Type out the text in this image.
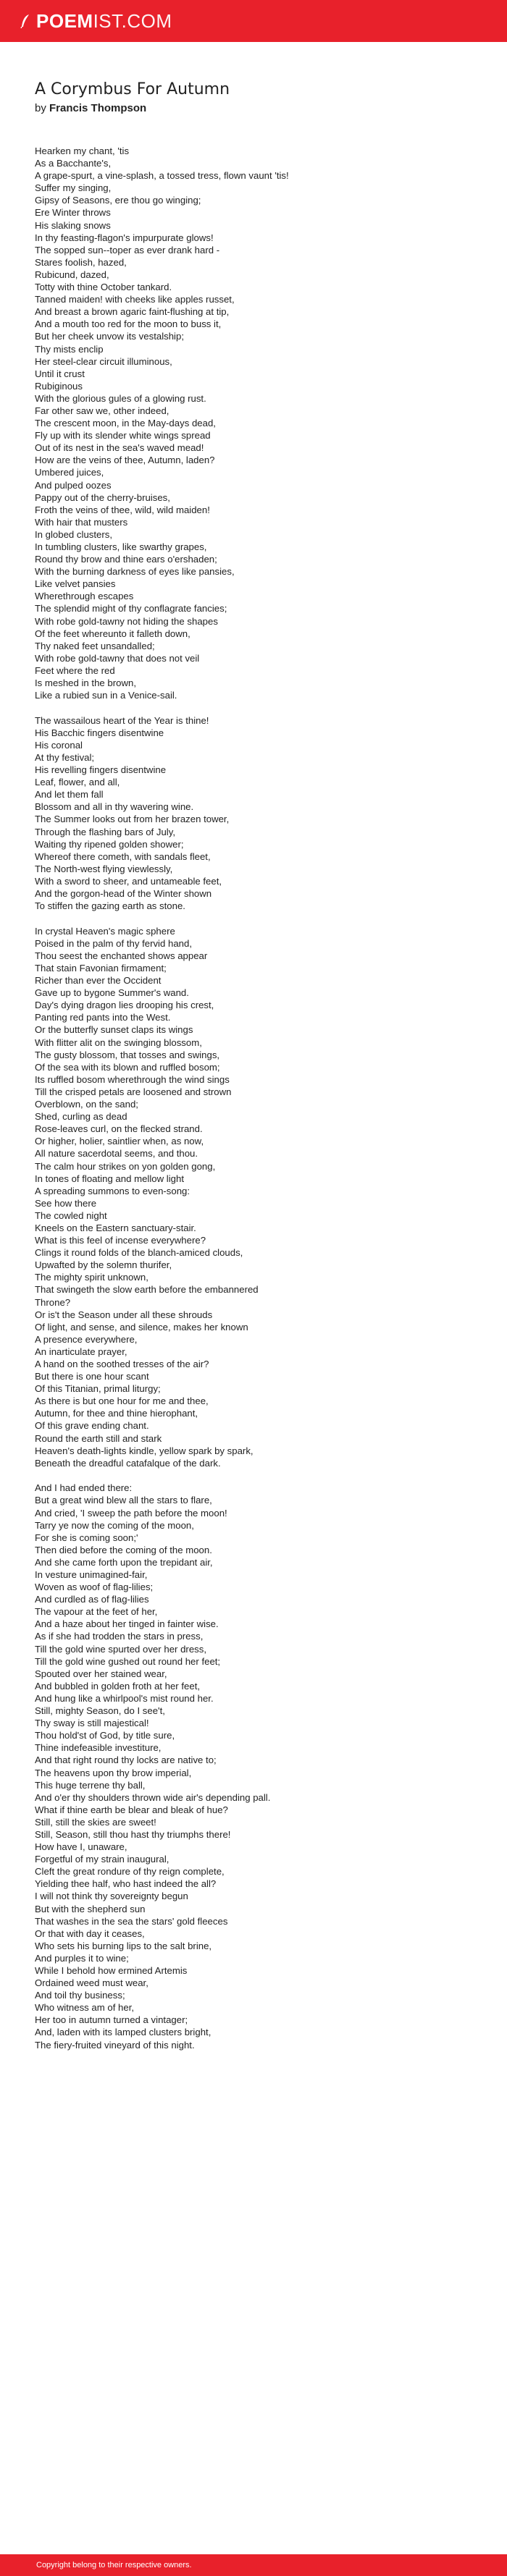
POEMIST.COM
A Corymbus For Autumn
by Francis Thompson
Hearken my chant, 'tis
As a Bacchante's,
A grape-spurt, a vine-splash, a tossed tress, flown vaunt 'tis!
Suffer my singing,
Gipsy of Seasons, ere thou go winging;
Ere Winter throws
His slaking snows
In thy feasting-flagon's impurpurate glows!
The sopped sun--toper as ever drank hard -
Stares foolish, hazed,
Rubicund, dazed,
Totty with thine October tankard.
Tanned maiden! with cheeks like apples russet,
And breast a brown agaric faint-flushing at tip,
And a mouth too red for the moon to buss it,
But her cheek unvow its vestalship;
Thy mists enclip
Her steel-clear circuit illuminous,
Until it crust
Rubiginous
With the glorious gules of a glowing rust.
Far other saw we, other indeed,
The crescent moon, in the May-days dead,
Fly up with its slender white wings spread
Out of its nest in the sea's waved mead!
How are the veins of thee, Autumn, laden?
Umbered juices,
And pulped oozes
Pappy out of the cherry-bruises,
Froth the veins of thee, wild, wild maiden!
With hair that musters
In globed clusters,
In tumbling clusters, like swarthy grapes,
Round thy brow and thine ears o'ershaden;
With the burning darkness of eyes like pansies,
Like velvet pansies
Wherethrough escapes
The splendid might of thy conflagrate fancies;
With robe gold-tawny not hiding the shapes
Of the feet whereunto it falleth down,
Thy naked feet unsandalled;
With robe gold-tawny that does not veil
Feet where the red
Is meshed in the brown,
Like a rubied sun in a Venice-sail.
The wassailous heart of the Year is thine!
His Bacchic fingers disentwine
His coronal
At thy festival;
His revelling fingers disentwine
Leaf, flower, and all,
And let them fall
Blossom and all in thy wavering wine.
The Summer looks out from her brazen tower,
Through the flashing bars of July,
Waiting thy ripened golden shower;
Whereof there cometh, with sandals fleet,
The North-west flying viewlessly,
With a sword to sheer, and untameable feet,
And the gorgon-head of the Winter shown
To stiffen the gazing earth as stone.
In crystal Heaven's magic sphere
Poised in the palm of thy fervid hand,
Thou seest the enchanted shows appear
That stain Favonian firmament;
Richer than ever the Occident
Gave up to bygone Summer's wand.
Day's dying dragon lies drooping his crest,
Panting red pants into the West.
Or the butterfly sunset claps its wings
With flitter alit on the swinging blossom,
The gusty blossom, that tosses and swings,
Of the sea with its blown and ruffled bosom;
Its ruffled bosom wherethrough the wind sings
Till the crisped petals are loosened and strown
Overblown, on the sand;
Shed, curling as dead
Rose-leaves curl, on the flecked strand.
Or higher, holier, saintlier when, as now,
All nature sacerdotal seems, and thou.
The calm hour strikes on yon golden gong,
In tones of floating and mellow light
A spreading summons to even-song:
See how there
The cowled night
Kneels on the Eastern sanctuary-stair.
What is this feel of incense everywhere?
Clings it round folds of the blanch-amiced clouds,
Upwafted by the solemn thurifer,
The mighty spirit unknown,
That swingeth the slow earth before the embannered
Throne?
Or is't the Season under all these shrouds
Of light, and sense, and silence, makes her known
A presence everywhere,
An inarticulate prayer,
A hand on the soothed tresses of the air?
But there is one hour scant
Of this Titanian, primal liturgy;
As there is but one hour for me and thee,
Autumn, for thee and thine hierophant,
Of this grave ending chant.
Round the earth still and stark
Heaven's death-lights kindle, yellow spark by spark,
Beneath the dreadful catafalque of the dark.
And I had ended there:
But a great wind blew all the stars to flare,
And cried, 'I sweep the path before the moon!
Tarry ye now the coming of the moon,
For she is coming soon;'
Then died before the coming of the moon.
And she came forth upon the trepidant air,
In vesture unimagined-fair,
Woven as woof of flag-lilies;
And curdled as of flag-lilies
The vapour at the feet of her,
And a haze about her tinged in fainter wise.
As if she had trodden the stars in press,
Till the gold wine spurted over her dress,
Till the gold wine gushed out round her feet;
Spouted over her stained wear,
And bubbled in golden froth at her feet,
And hung like a whirlpool's mist round her.
Still, mighty Season, do I see't,
Thy sway is still majestical!
Thou hold'st of God, by title sure,
Thine indefeasible investiture,
And that right round thy locks are native to;
The heavens upon thy brow imperial,
This huge terrene thy ball,
And o'er thy shoulders thrown wide air's depending pall.
What if thine earth be blear and bleak of hue?
Still, still the skies are sweet!
Still, Season, still thou hast thy triumphs there!
How have I, unaware,
Forgetful of my strain inaugural,
Cleft the great rondure of thy reign complete,
Yielding thee half, who hast indeed the all?
I will not think thy sovereignty begun
But with the shepherd sun
That washes in the sea the stars' gold fleeces
Or that with day it ceases,
Who sets his burning lips to the salt brine,
And purples it to wine;
While I behold how ermined Artemis
Ordained weed must wear,
And toil thy business;
Who witness am of her,
Her too in autumn turned a vintager;
And, laden with its lamped clusters bright,
The fiery-fruited vineyard of this night.
Copyright belong to their respective owners.
